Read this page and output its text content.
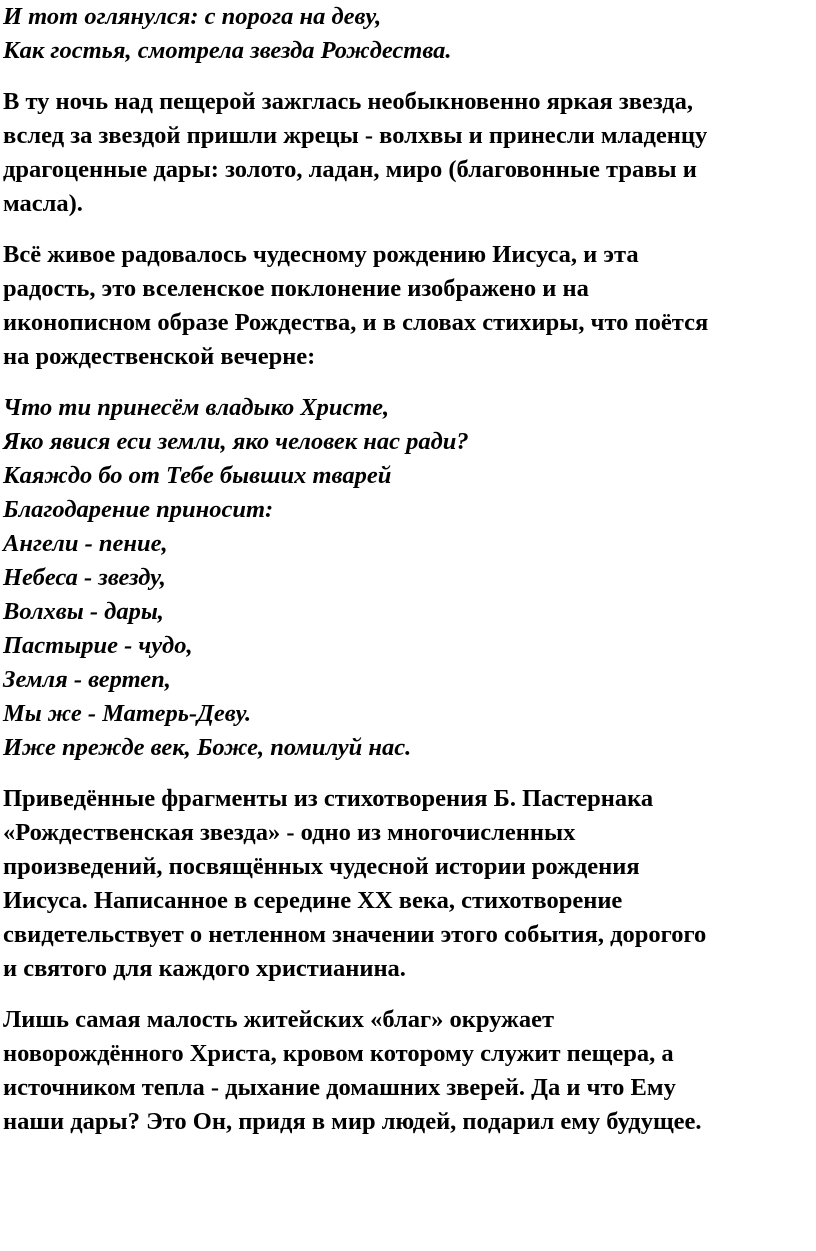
И тот оглянулся: с порога на деву,
Как гостья, смотрела звезда Рождества.
В ту ночь над пещерой зажглась необыкновенно яркая звезда,
вслед за звездой пришли жрецы - волхвы и принесли младенцу
драгоценные дары: золото, ладан, миро (благовонные травы и
масла).
Всё живое радовалось чудесному рождению Иисуса, и эта
радость, это вселенское поклонение изображено и на
иконописном образе Рождества, и в словах стихиры, что поётся
на рождественской вечерне:
Что ти принесём владыко Христе,
Яко явися еси земли, яко человек нас ради?
Каяждо бо от Тебе бывших тварей
Благодарение приносит:
Ангели - пение,
Небеса - звезду,
Волхвы - дары,
Пастырие - чудо,
Земля - вертеп,
Мы же - Матерь-Деву.
Иже прежде век, Боже, помилуй нас.
Приведённые фрагменты из стихотворения Б. Пастернака
«Рождественская звезда» - одно из многочисленных
произведений, посвящённых чудесной истории рождения
Иисуса. Написанное в середине XX века, стихотворение
свидетельствует о нетленном значении этого события, дорогого
и святого для каждого христианина.
Лишь самая малость житейских «благ» окружает
новорождённого Христа, кровом которому служит пещера, а
источником тепла - дыхание домашних зверей. Да и что Ему
наши дары? Это Он, придя в мир людей, подарил ему будущее.
